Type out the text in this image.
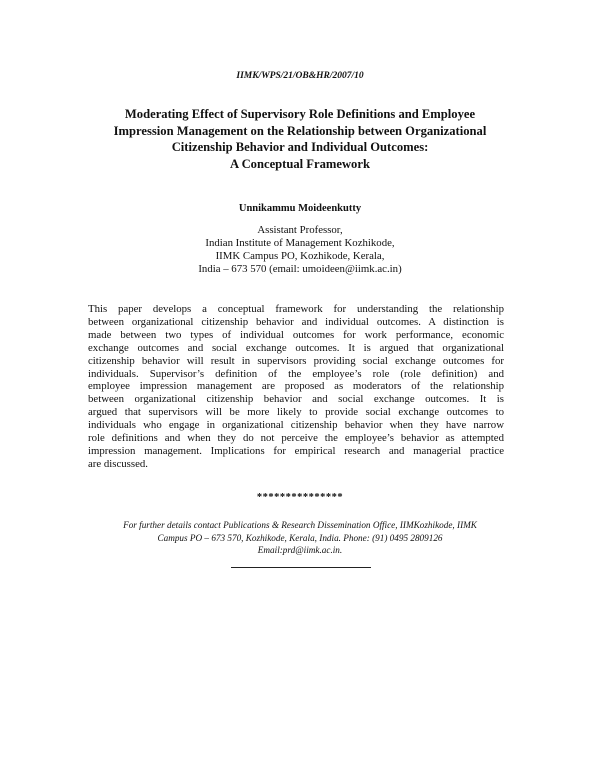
IIMK/WPS/21/OB&HR/2007/10
Moderating Effect of Supervisory Role Definitions and Employee
Impression Management on the Relationship between Organizational
Citizenship Behavior and Individual Outcomes:
A Conceptual Framework
Unnikammu Moideenkutty
Assistant Professor,
Indian Institute of Management Kozhikode,
IIMK Campus PO, Kozhikode, Kerala,
India – 673 570 (email: umoideen@iimk.ac.in)
This paper develops a conceptual framework for understanding the relationship
between organizational citizenship behavior and individual outcomes. A distinction is
made between two types of individual outcomes for work performance, economic
exchange outcomes and social exchange outcomes. It is argued that organizational
citizenship behavior will result in supervisors providing social exchange outcomes for
individuals. Supervisor’s definition of the employee’s role (role definition) and
employee impression management are proposed as moderators of the relationship
between organizational citizenship behavior and social exchange outcomes. It is
argued that supervisors will be more likely to provide social exchange outcomes to
individuals who engage in organizational citizenship behavior when they have narrow
role definitions and when they do not perceive the employee’s behavior as attempted
impression management. Implications for empirical research and managerial practice
are discussed.
***************
For further details contact Publications & Research Dissemination Office, IIMKozhikode, IIMK
Campus PO – 673 570, Kozhikode, Kerala, India. Phone: (91) 0495 2809126
Email:prd@iimk.ac.in.
